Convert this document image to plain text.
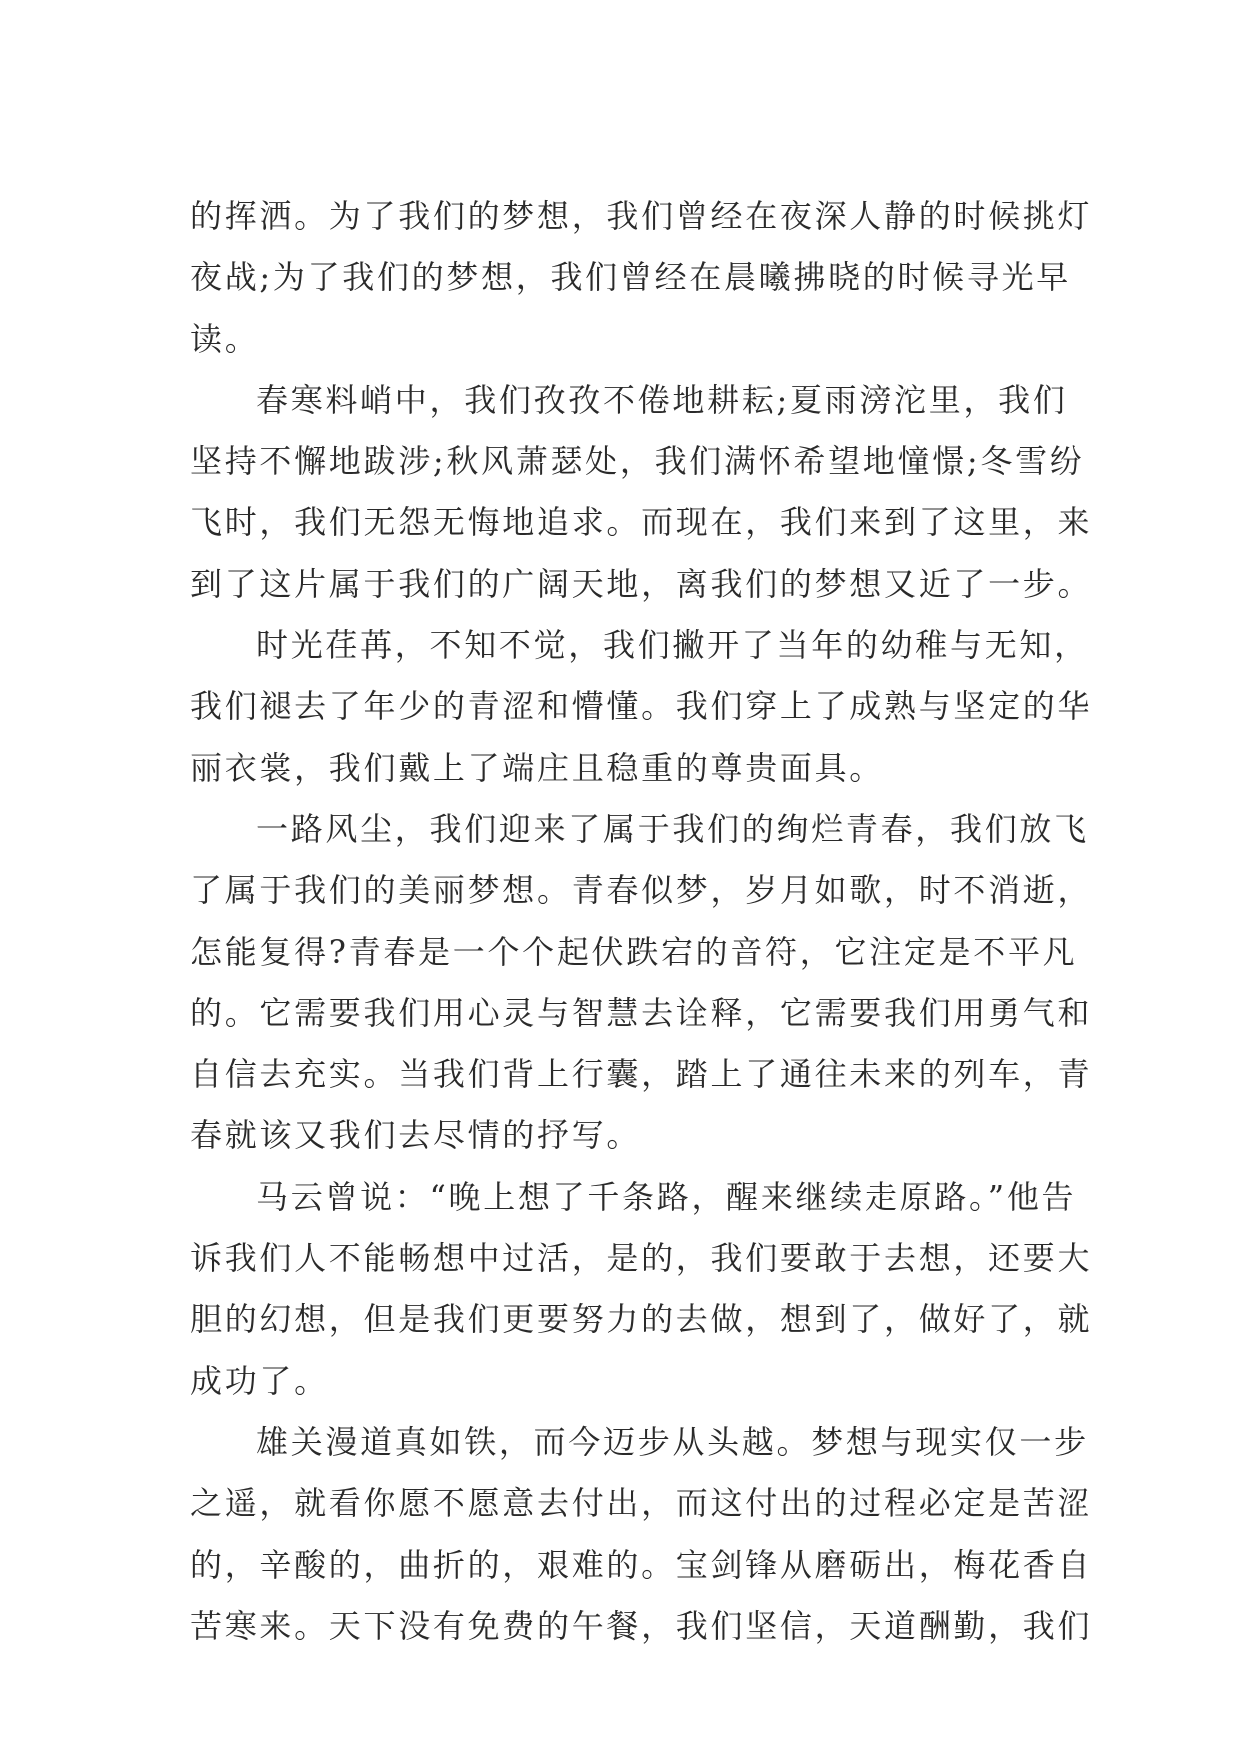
的挥洒。为了我们的梦想，我们曾经在夜深人静的时候挑灯
夜战;为了我们的梦想，我们曾经在晨曦拂晓的时候寻光早
读。
春寒料峭中，我们孜孜不倦地耕耘;夏雨滂沱里，我们
坚持不懈地跋涉;秋风萧瑟处，我们满怀希望地憧憬;冬雪纷
飞时，我们无怨无悔地追求。而现在，我们来到了这里，来
到了这片属于我们的广阔天地，离我们的梦想又近了一步。
时光荏苒，不知不觉，我们撇开了当年的幼稚与无知，
我们褪去了年少的青涩和懵懂。我们穿上了成熟与坚定的华
丽衣裳，我们戴上了端庄且稳重的尊贵面具。
一路风尘，我们迎来了属于我们的绚烂青春，我们放飞
了属于我们的美丽梦想。青春似梦，岁月如歌，时不消逝，
怎能复得?青春是一个个起伏跌宕的音符，它注定是不平凡
的。它需要我们用心灵与智慧去诠释，它需要我们用勇气和
自信去充实。当我们背上行囊，踏上了通往未来的列车，青
春就该又我们去尽情的抒写。
马云曾说：“晚上想了千条路，醒来继续走原路。”他告
诉我们人不能畅想中过活，是的，我们要敢于去想，还要大
胆的幻想，但是我们更要努力的去做，想到了，做好了，就
成功了。
雄关漫道真如铁，而今迈步从头越。梦想与现实仅一步
之遥，就看你愿不愿意去付出，而这付出的过程必定是苦涩
的，辛酸的，曲折的，艰难的。宝剑锋从磨砺出，梅花香自
苦寒来。天下没有免费的午餐，我们坚信，天道酬勤，我们
